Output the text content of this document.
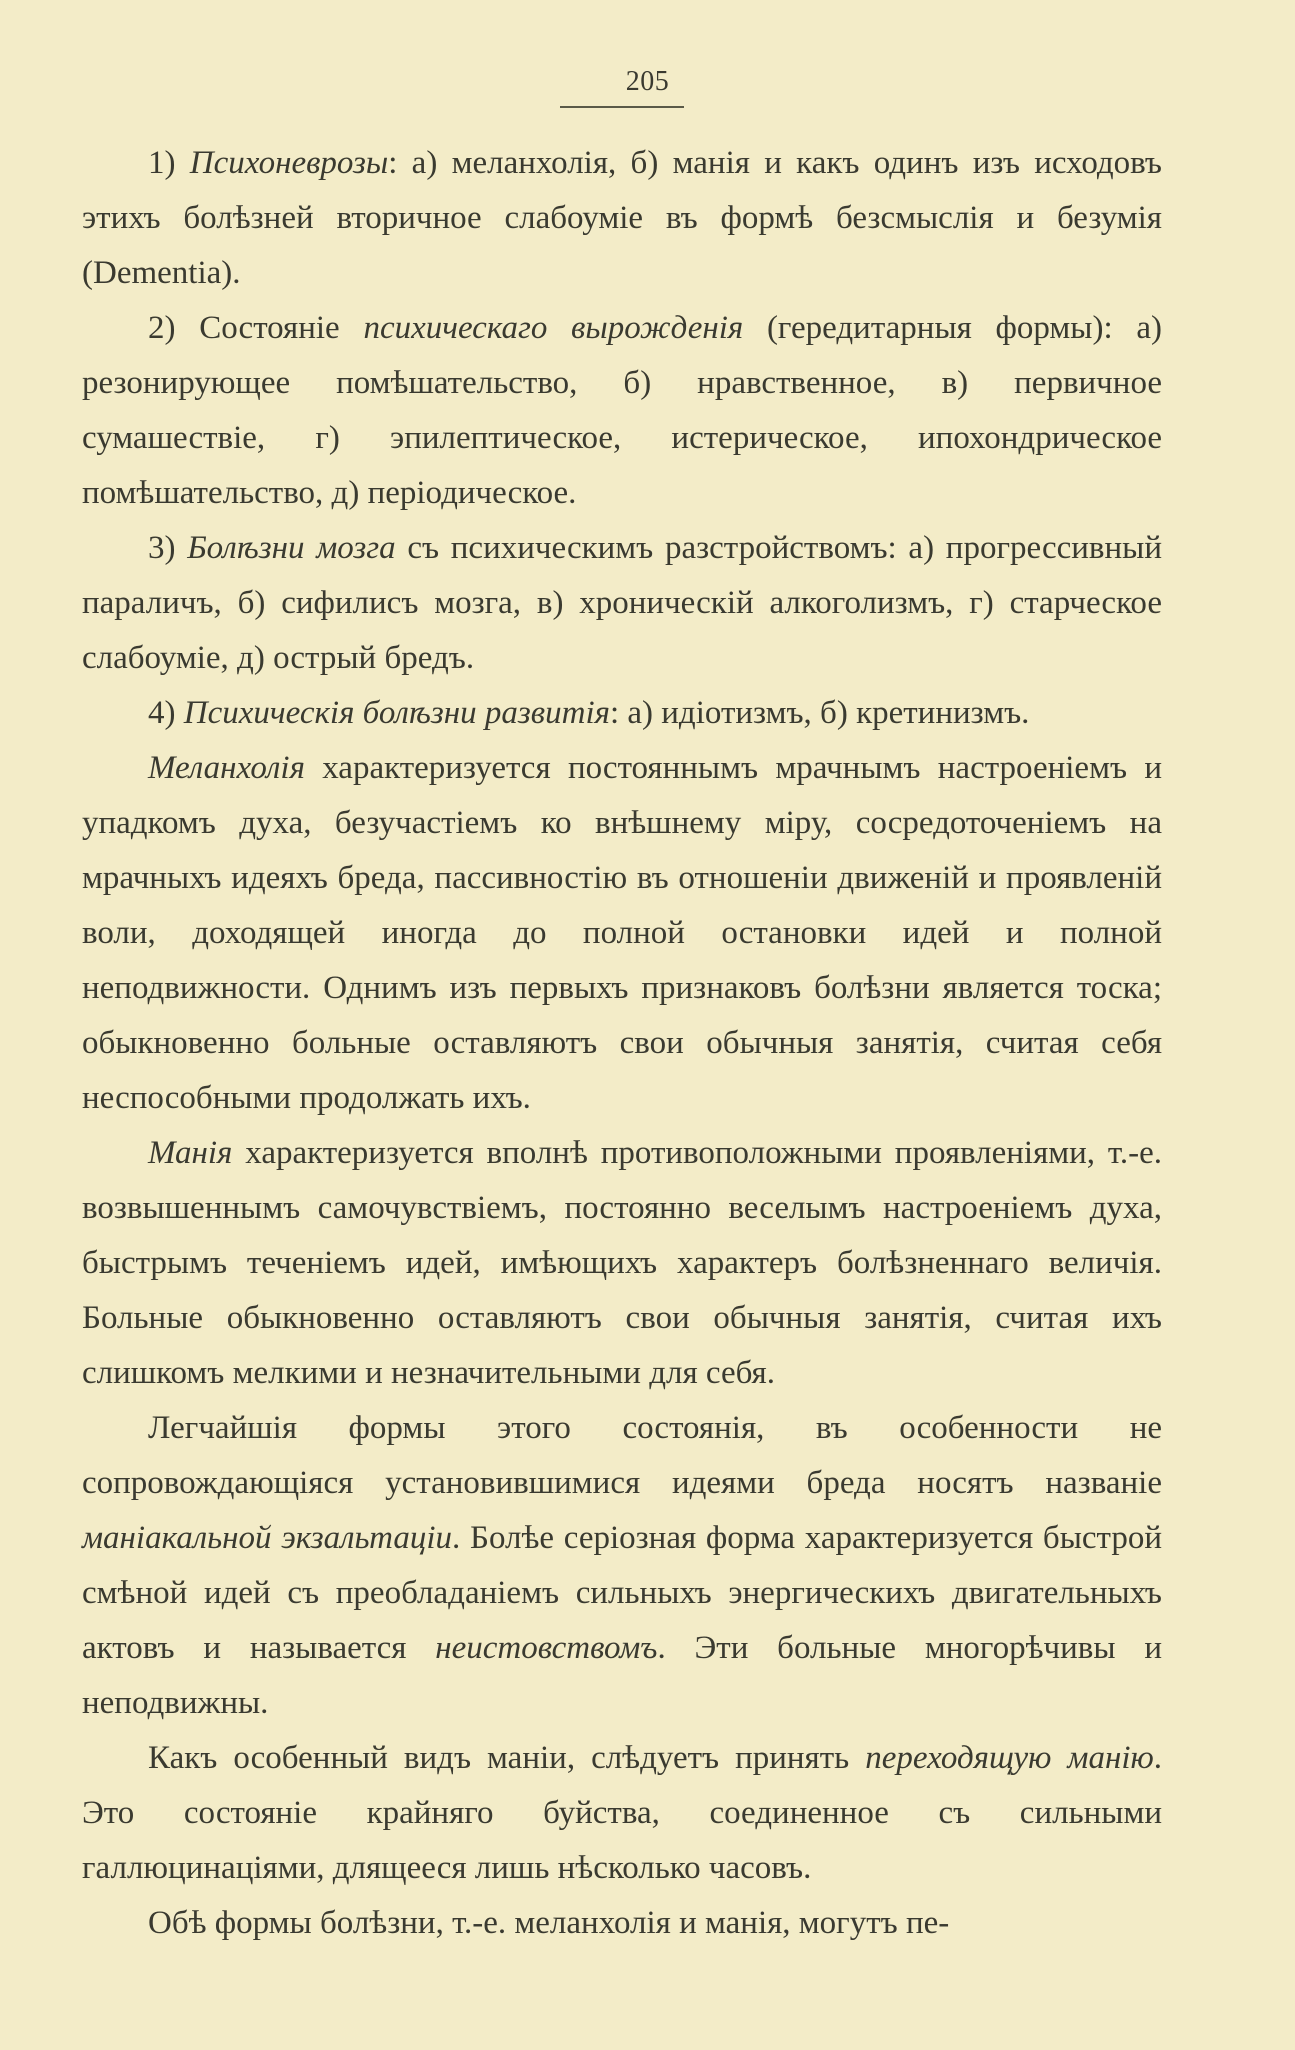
205

1) Психоневрозы: а) меланхолія, б) манія и какъ одинъ изъ исходовъ этихъ болѣзней вторичное слабоуміе въ формѣ безсмыслія и безумія (Dementia).

2) Состояніе психическаго вырожденія (гередитарныя формы): а) резонирующее помѣшательство, б) нравственное, в) первичное сумашествіе, г) эпилептическое, истерическое, ипохондрическое помѣшательство, д) періодическое.

3) Болѣзни мозга съ психическимъ разстройствомъ: а) прогрессивный параличъ, б) сифилисъ мозга, в) хроническій алкоголизмъ, г) старческое слабоуміе, д) острый бредъ.

4) Психическія болѣзни развитія: а) идіотизмъ, б) кретинизмъ.

Меланхолія характеризуется постояннымъ мрачнымъ настроеніемъ и упадкомъ духа, безучастіемъ ко внѣшнему міру, сосредоточеніемъ на мрачныхъ идеяхъ бреда, пассивностію въ отношеніи движеній и проявленій воли, доходящей иногда до полной остановки идей и полной неподвижности. Однимъ изъ первыхъ признаковъ болѣзни является тоска; обыкновенно больные оставляютъ свои обычныя занятія, считая себя неспособными продолжать ихъ.

Манія характеризуется вполнѣ противоположными проявленіями, т.-е. возвышеннымъ самочувствіемъ, постоянно веселымъ настроеніемъ духа, быстрымъ теченіемъ идей, имѣющихъ характеръ болѣзненнаго величія. Больные обыкновенно оставляютъ свои обычныя занятія, считая ихъ слишкомъ мелкими и незначительными для себя.

Легчайшія формы этого состоянія, въ особенности не сопровождающіяся установившимися идеями бреда носятъ названіе маніакальной экзальтаціи. Болѣе серіозная форма характеризуется быстрой смѣной идей съ преобладаніемъ сильныхъ энергическихъ двигательныхъ актовъ и называется неистовствомъ. Эти больные многорѣчивы и неподвижны.

Какъ особенный видъ маніи, слѣдуетъ принять переходящую манію. Это состояніе крайняго буйства, соединенное съ сильными галлюцинаціями, длящееся лишь нѣсколько часовъ.

Обѣ формы болѣзни, т.-е. меланхолія и манія, могутъ пе-
